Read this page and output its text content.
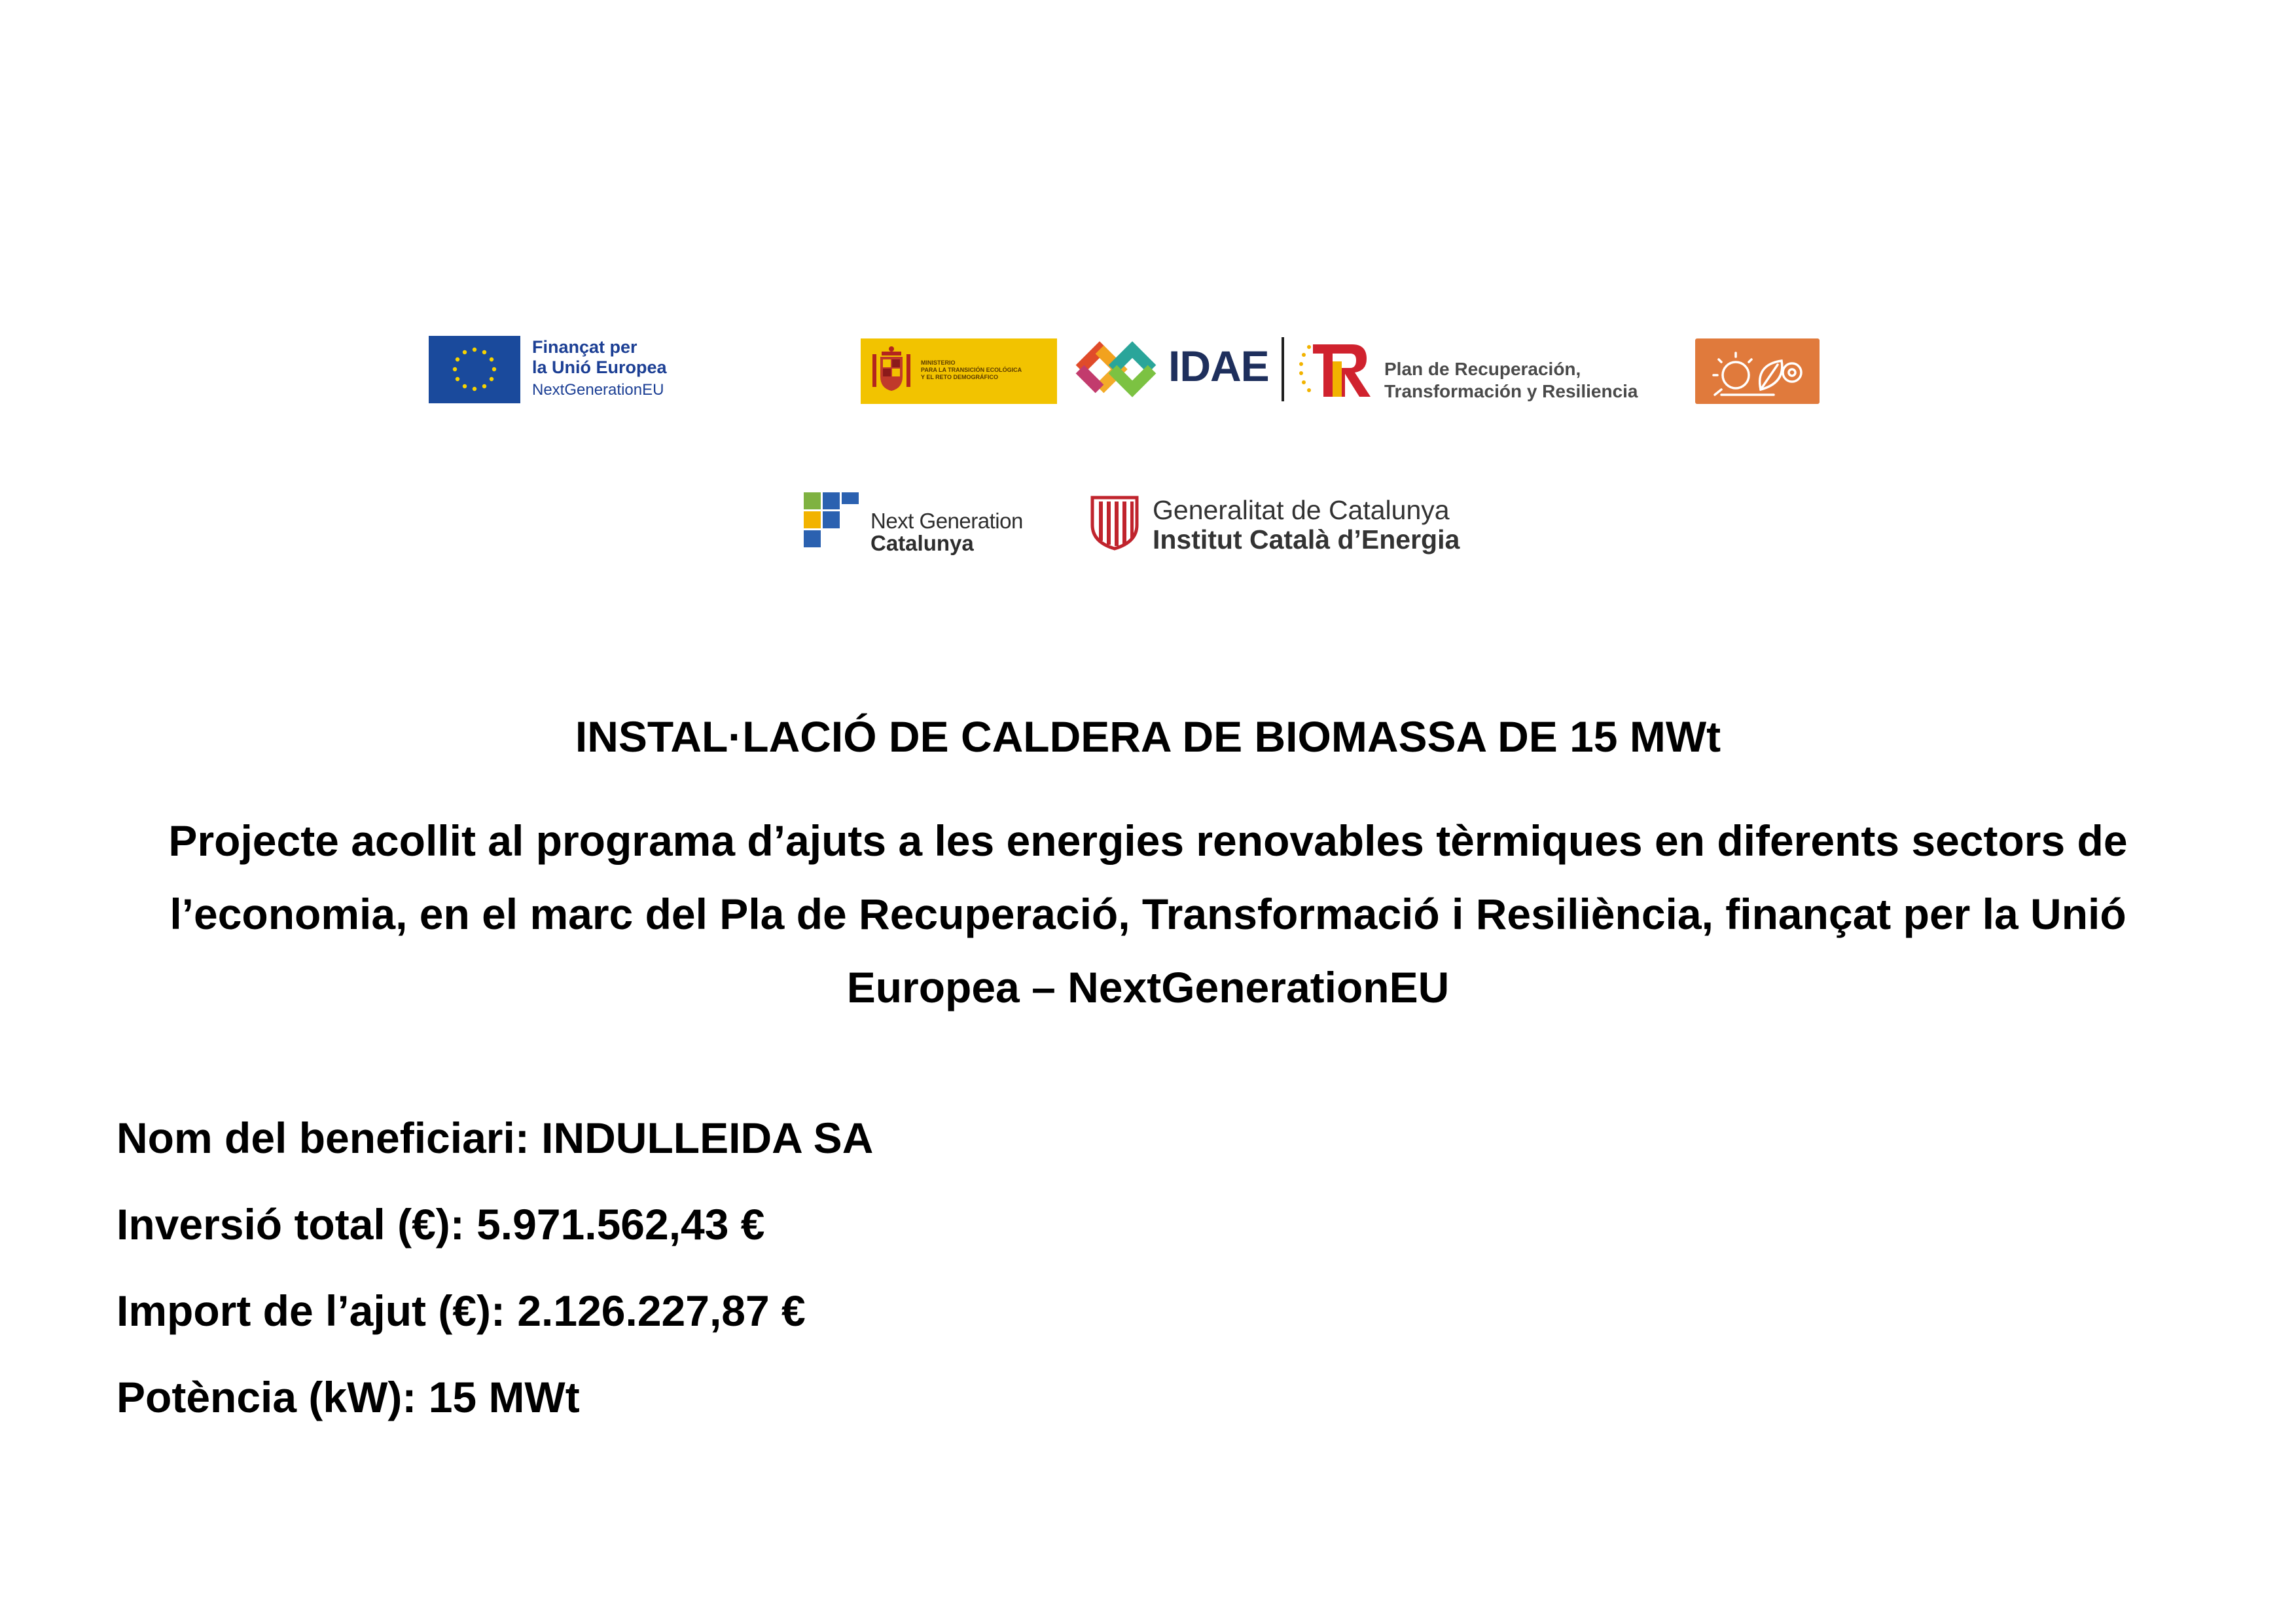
Finançat per
la Unió Europea
NextGenerationEU
MINISTERIO
PARA LA TRANSICIÓN ECOLÓGICA
Y EL RETO DEMOGRÁFICO	IDAE	Plan de Recuperación,
Transformación y Resiliencia
Next Generation
Catalunya
Generalitat de Catalunya
Institut Català d’Energia
INSTAL·LACIÓ DE CALDERA DE BIOMASSA DE 15 MWt
Projecte acollit al programa d’ajuts a les energies renovables tèrmiques en diferents sectors de l’economia, en el marc del Pla de Recuperació, Transformació i Resiliència, finançat per la Unió Europea – NextGenerationEU
Nom del beneficiari: INDULLEIDA SA
Inversió total (€): 5.971.562,43 €
Import de l’ajut (€): 2.126.227,87 €
Potència (kW): 15 MWt
